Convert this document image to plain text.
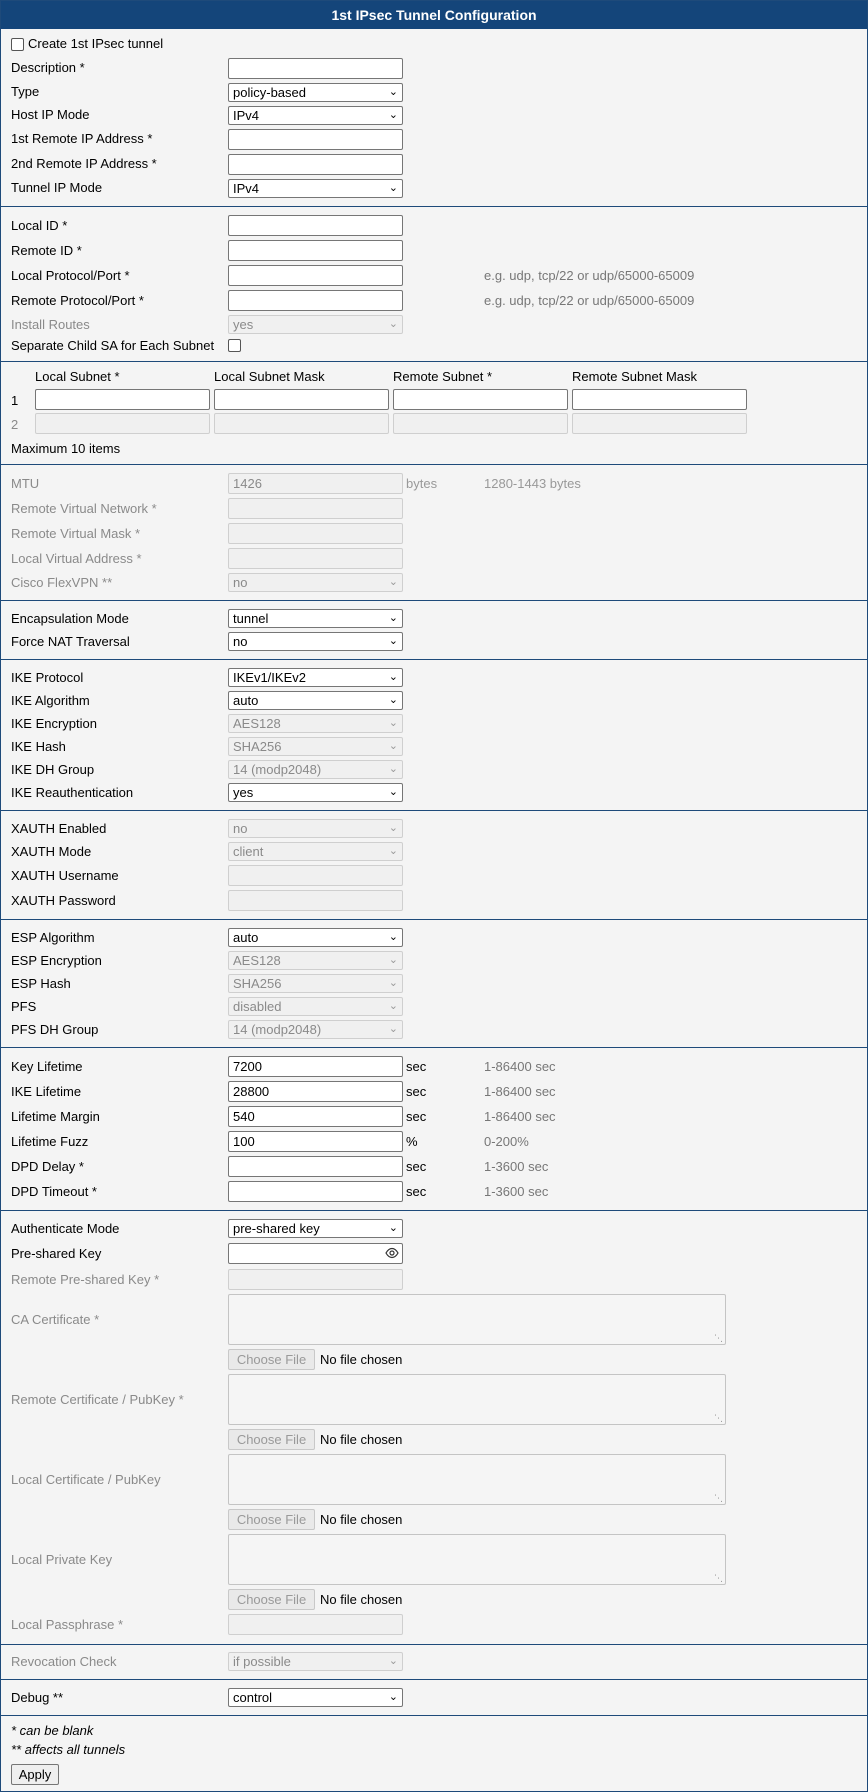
1st IPsec Tunnel Configuration
Create 1st IPsec tunnel
Description *
Type	policy-based	⌄
Host IP Mode	IPv4	⌄
1st Remote IP Address *
2nd Remote IP Address *
Tunnel IP Mode	IPv4	⌄
Local ID *
Remote ID *
Local Protocol/Port *	e.g. udp, tcp/22 or udp/65000-65009
Remote Protocol/Port *	e.g. udp, tcp/22 or udp/65000-65009
Install Routes	yes	⌄
Separate Child SA for Each Subnet
Local Subnet *	Local Subnet Mask	Remote Subnet *	Remote Subnet Mask
1
2
Maximum 10 items
MTU	1426	bytes	1280-1443 bytes
Remote Virtual Network *
Remote Virtual Mask *
Local Virtual Address *
Cisco FlexVPN **	no	⌄
Encapsulation Mode	tunnel	⌄
Force NAT Traversal	no	⌄
IKE Protocol	IKEv1/IKEv2	⌄
IKE Algorithm	auto	⌄
IKE Encryption	AES128	⌄
IKE Hash	SHA256	⌄
IKE DH Group	14 (modp2048)	⌄
IKE Reauthentication	yes	⌄
XAUTH Enabled	no	⌄
XAUTH Mode	client	⌄
XAUTH Username
XAUTH Password
ESP Algorithm	auto	⌄
ESP Encryption	AES128	⌄
ESP Hash	SHA256	⌄
PFS	disabled	⌄
PFS DH Group	14 (modp2048)	⌄
Key Lifetime	7200	sec	1-86400 sec
IKE Lifetime	28800	sec	1-86400 sec
Lifetime Margin	540	sec	1-86400 sec
Lifetime Fuzz	100	%	0-200%
DPD Delay *	sec	1-3600 sec
DPD Timeout *	sec	1-3600 sec
Authenticate Mode	pre-shared key	⌄
Pre-shared Key
Remote Pre-shared Key *
CA Certificate *
⋱
Choose File	No file chosen
Remote Certificate / PubKey *
⋱
Choose File	No file chosen
Local Certificate / PubKey
⋱
Choose File	No file chosen
Local Private Key
⋱
Choose File	No file chosen
Local Passphrase *
Revocation Check	if possible	⌄
Debug **	control	⌄
* can be blank
** affects all tunnels
Apply
